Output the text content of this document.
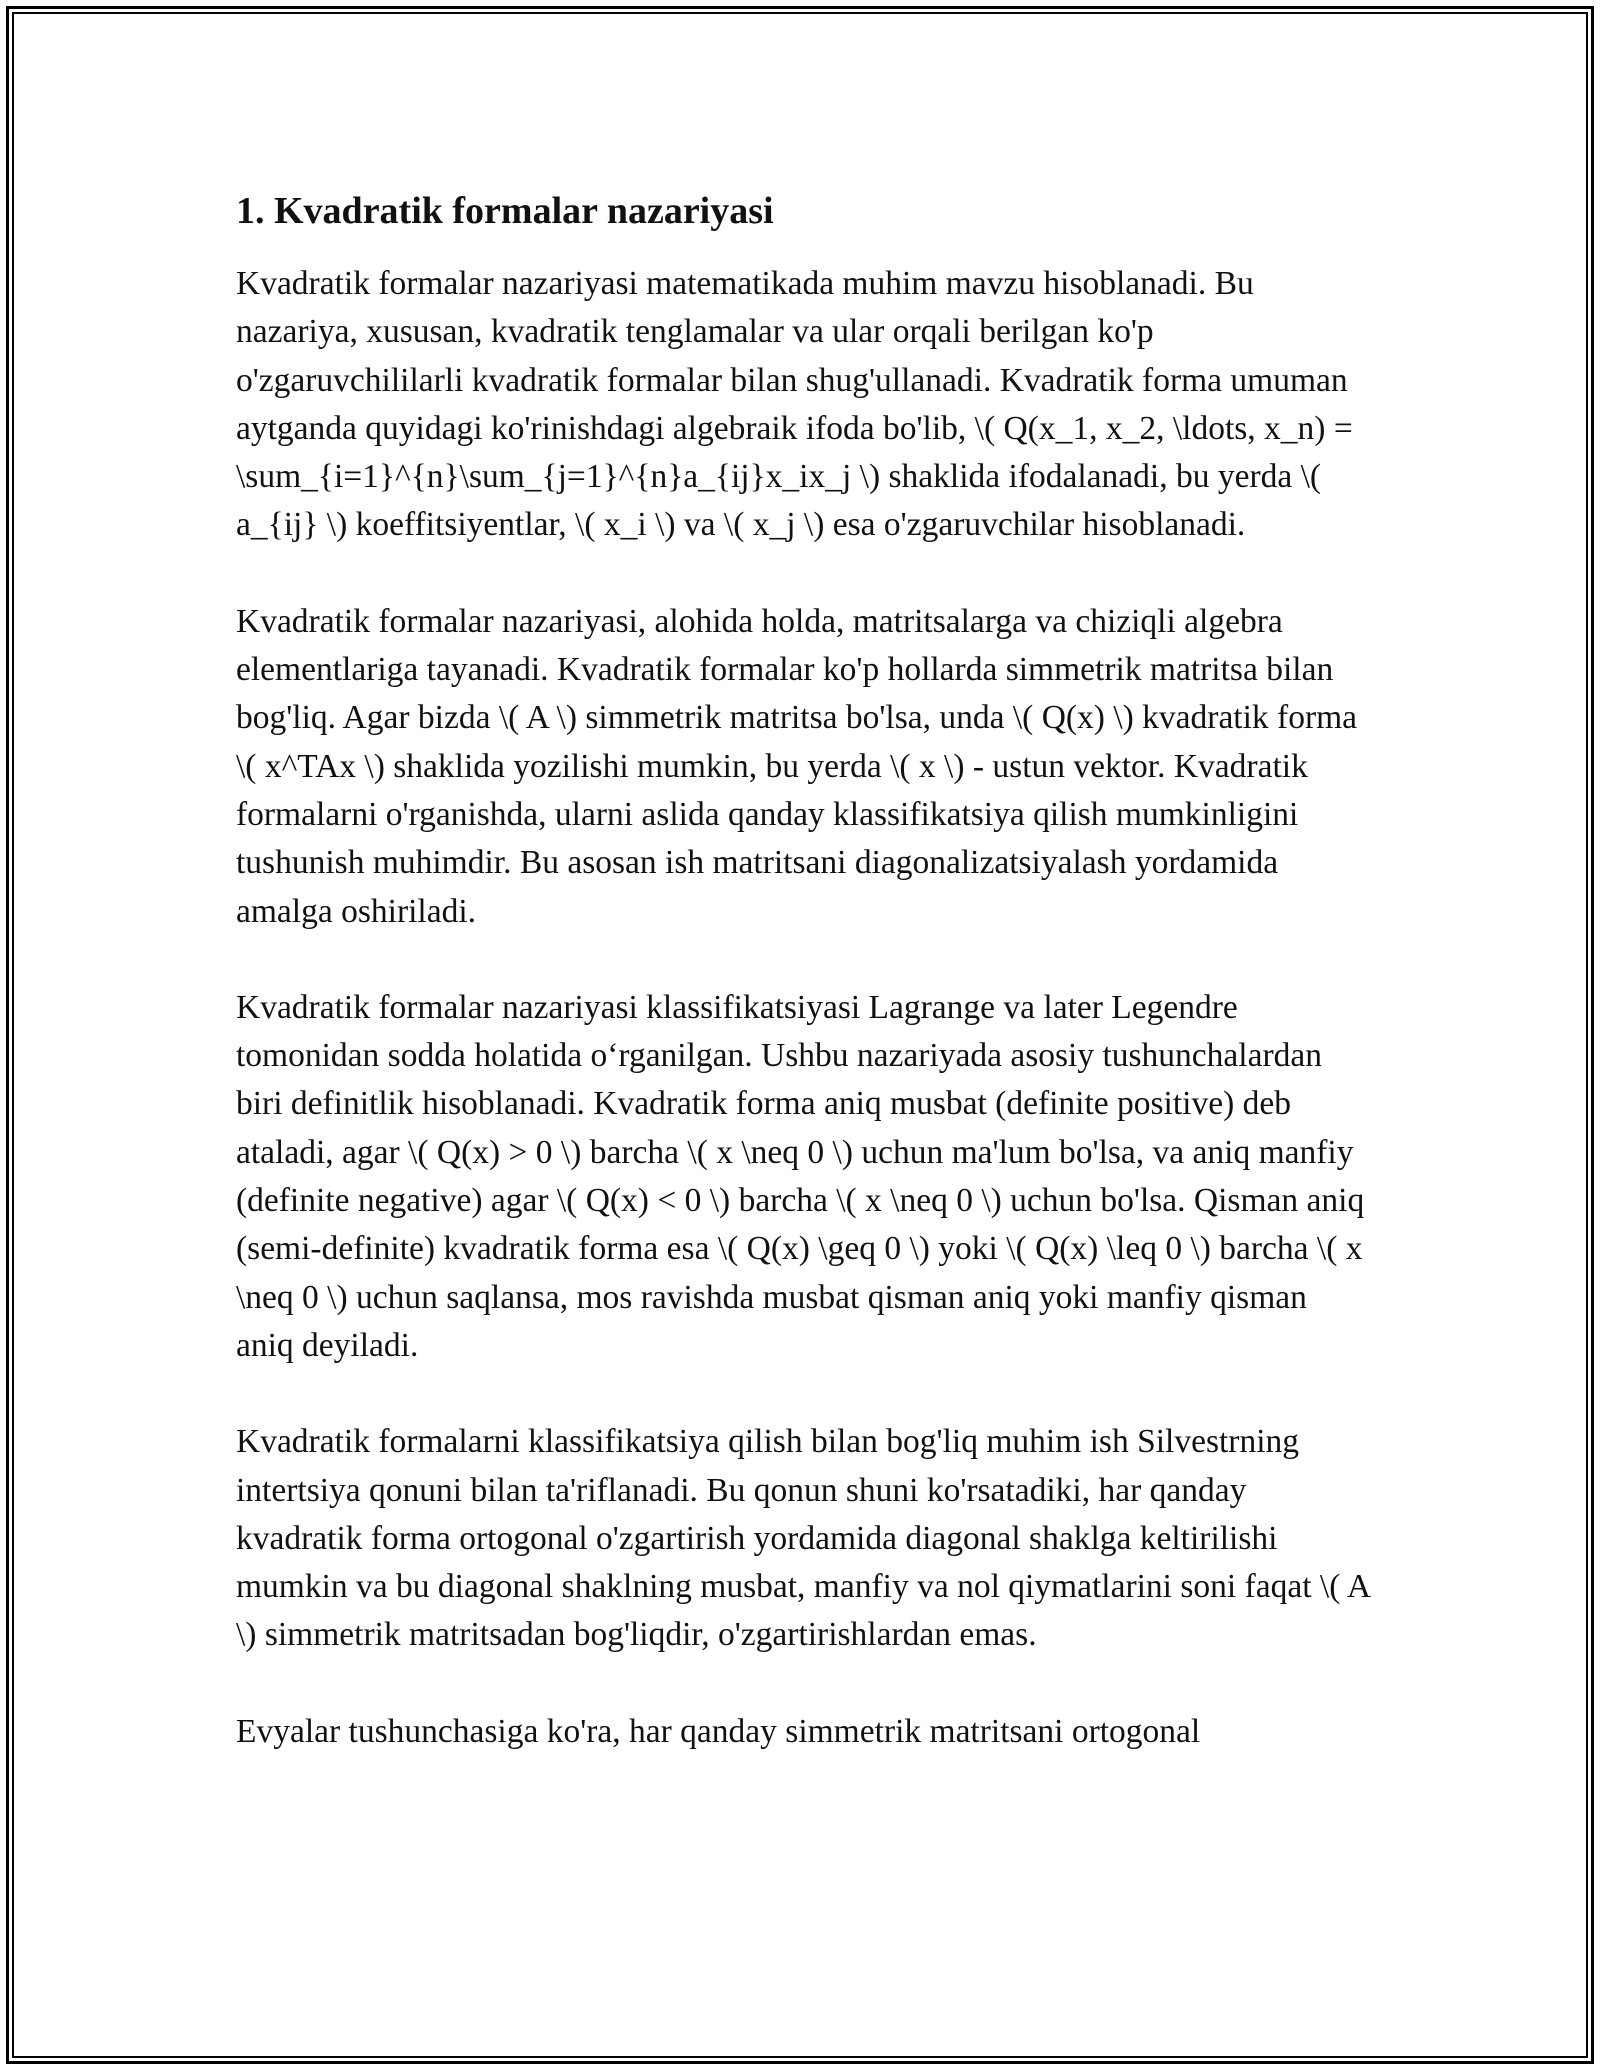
1. Kvadratik formalar nazariyasi

Kvadratik formalar nazariyasi matematikada muhim mavzu hisoblanadi. Bu nazariya, xususan, kvadratik tenglamalar va ular orqali berilgan ko'p o'zgaruvchililarli kvadratik formalar bilan shug'ullanadi. Kvadratik forma umuman aytganda quyidagi ko'rinishdagi algebraik ifoda bo'lib, \( Q(x_1, x_2, \ldots, x_n) = \sum_{i=1}^{n}\sum_{j=1}^{n}a_{ij}x_ix_j \) shaklida ifodalanadi, bu yerda \( a_{ij} \) koeffitsiyentlar, \( x_i \) va \( x_j \) esa o'zgaruvchilar hisoblanadi.

Kvadratik formalar nazariyasi, alohida holda, matritsalarga va chiziqli algebra elementlariga tayanadi. Kvadratik formalar ko'p hollarda simmetrik matritsa bilan bog'liq. Agar bizda \( A \) simmetrik matritsa bo'lsa, unda \( Q(x) \) kvadratik forma \( x^TAx \) shaklida yozilishi mumkin, bu yerda \( x \) - ustun vektor. Kvadratik formalarni o'rganishda, ularni aslida qanday klassifikatsiya qilish mumkinligini tushunish muhimdir. Bu asosan ish matritsani diagonalizatsiyalash yordamida amalga oshiriladi.

Kvadratik formalar nazariyasi klassifikatsiyasi Lagrange va later Legendre tomonidan sodda holatida o‘rganilgan. Ushbu nazariyada asosiy tushunchalardan biri definitlik hisoblanadi. Kvadratik forma aniq musbat (definite positive) deb ataladi, agar \( Q(x) > 0 \) barcha \( x \neq 0 \) uchun ma'lum bo'lsa, va aniq manfiy (definite negative) agar \( Q(x) < 0 \) barcha \( x \neq 0 \) uchun bo'lsa. Qisman aniq (semi-definite) kvadratik forma esa \( Q(x) \geq 0 \) yoki \( Q(x) \leq 0 \) barcha \( x \neq 0 \) uchun saqlansa, mos ravishda musbat qisman aniq yoki manfiy qisman aniq deyiladi.

Kvadratik formalarni klassifikatsiya qilish bilan bog'liq muhim ish Silvestrning intertsiya qonuni bilan ta'riflanadi. Bu qonun shuni ko'rsatadiki, har qanday kvadratik forma ortogonal o'zgartirish yordamida diagonal shaklga keltirilishi mumkin va bu diagonal shaklning musbat, manfiy va nol qiymatlarini soni faqat \( A \) simmetrik matritsadan bog'liqdir, o'zgartirishlardan emas.

Evyalar tushunchasiga ko'ra, har qanday simmetrik matritsani ortogonal
